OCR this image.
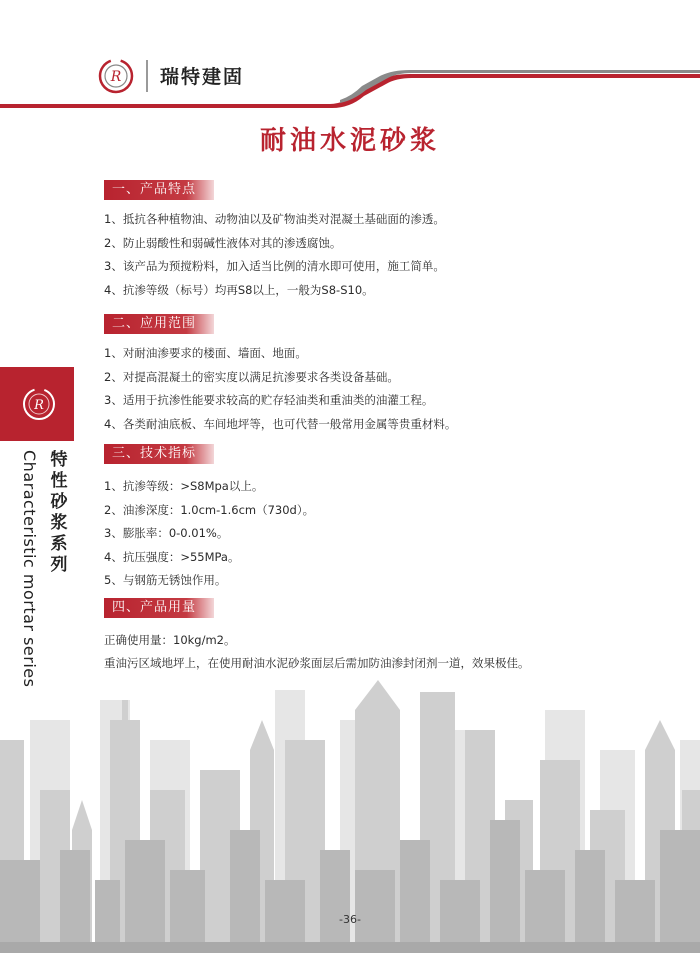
R 瑞特建固
耐油水泥砂浆
R
特性砂浆系列
Characteristic mortar series
一、产品特点
1、抵抗各种植物油、动物油以及矿物油类对混凝土基础面的渗透。
2、防止弱酸性和弱碱性液体对其的渗透腐蚀。
3、该产品为预搅粉料，加入适当比例的清水即可使用，施工简单。
4、抗渗等级（标号）均再S8以上，一般为S8-S10。
二、应用范围
1、对耐油渗要求的楼面、墙面、地面。
2、对提高混凝土的密实度以满足抗渗要求各类设备基础。
3、适用于抗渗性能要求较高的贮存轻油类和重油类的油灌工程。
4、各类耐油底板、车间地坪等，也可代替一般常用金属等贵重材料。
三、技术指标
1、抗渗等级：>S8Mpa以上。
2、油渗深度：1.0cm-1.6cm（730d）。
3、膨胀率：0-0.01%。
4、抗压强度：>55MPa。
5、与钢筋无锈蚀作用。
四、产品用量
正确使用量：10kg/m2。
重油污区域地坪上，在使用耐油水泥砂浆面层后需加防油渗封闭剂一道，效果极佳。
-36-
